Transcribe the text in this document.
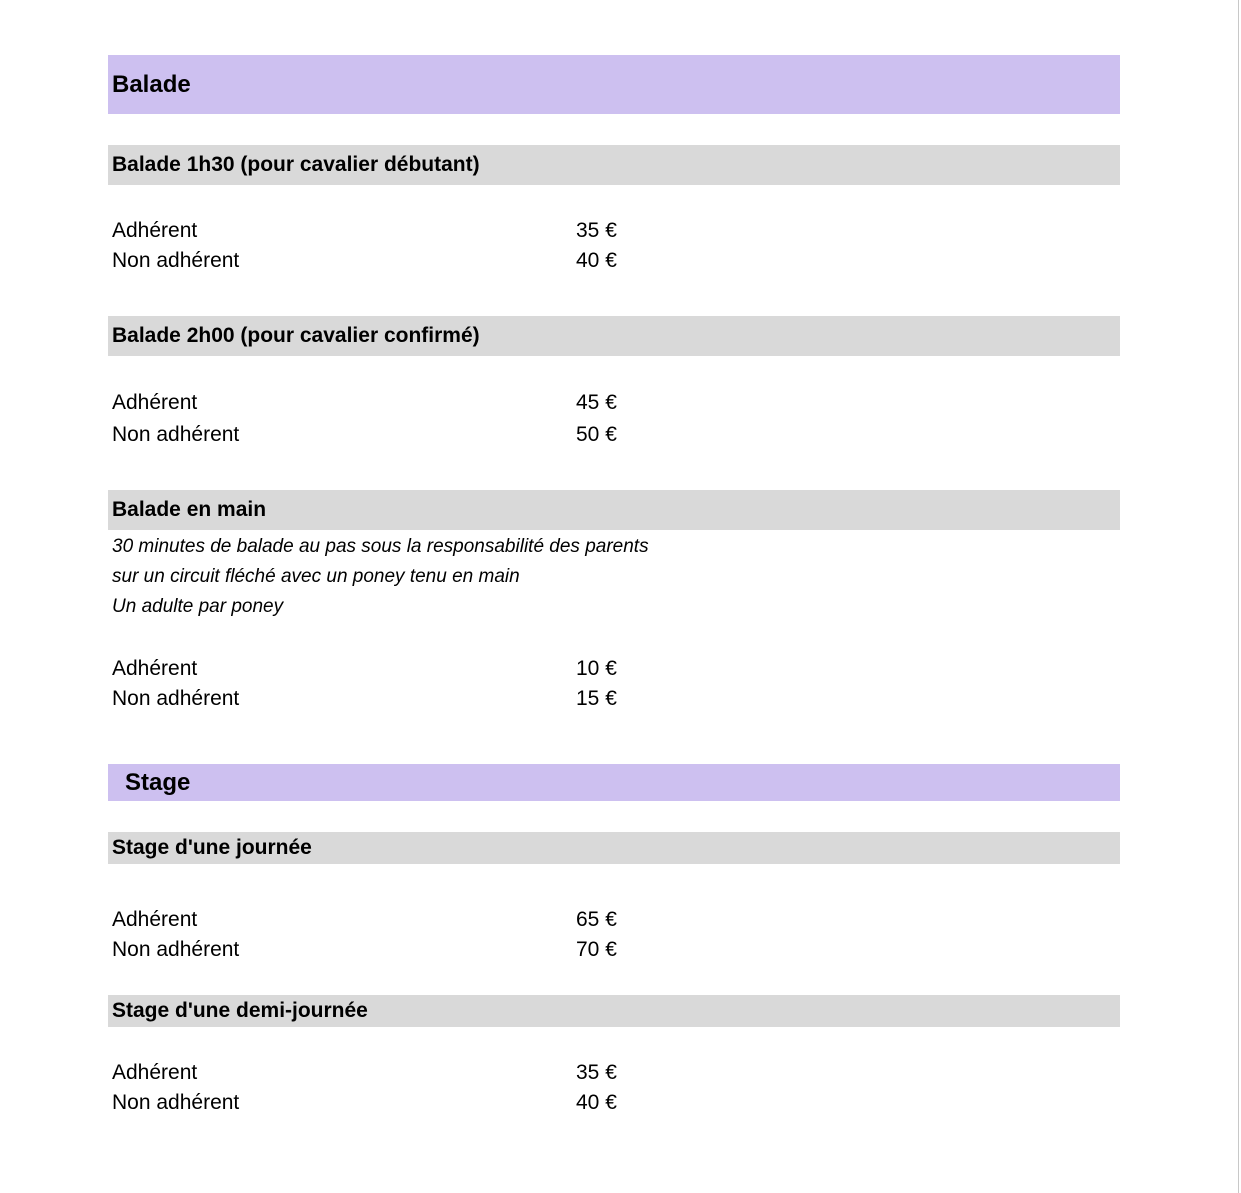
Balade
Balade 1h30 (pour cavalier débutant)
Adhérent	35 €
Non adhérent	40 €
Balade 2h00 (pour cavalier confirmé)
Adhérent	45 €
Non adhérent	50 €
Balade en main
30 minutes de balade au pas sous la responsabilité des parents
sur un circuit fléché avec un poney tenu en main
Un adulte par poney
Adhérent	10 €
Non adhérent	15 €
Stage
Stage d'une journée
Adhérent	65 €
Non adhérent	70 €
Stage d'une demi-journée
Adhérent	35 €
Non adhérent	40 €
